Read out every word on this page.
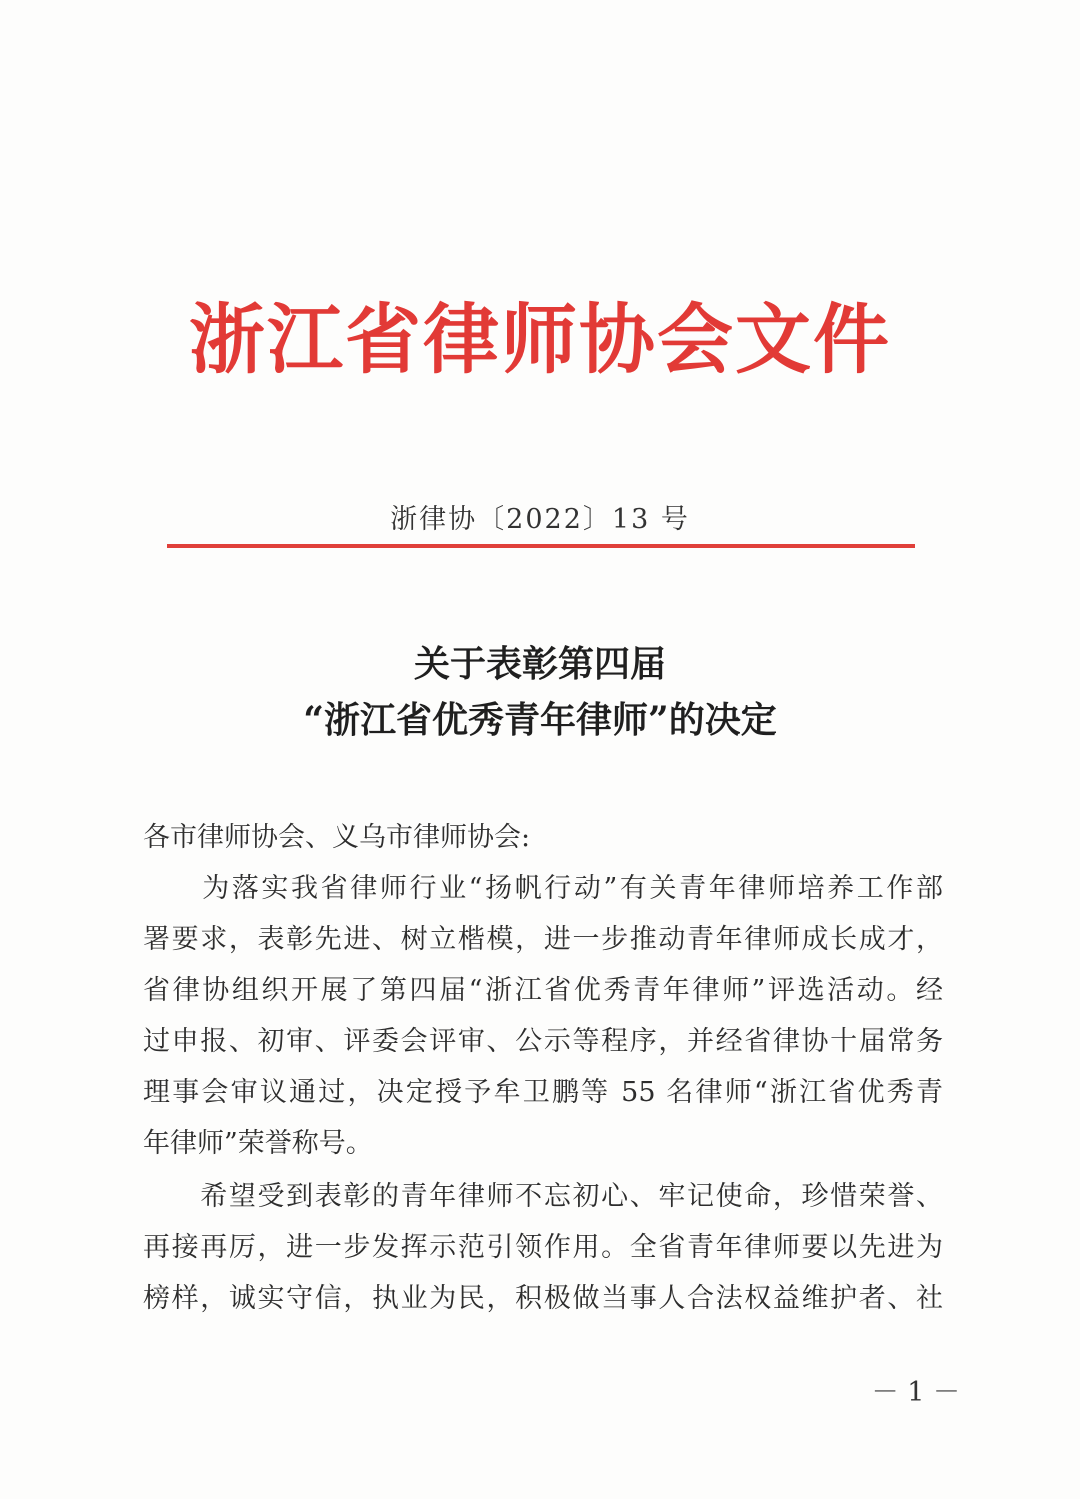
浙江省律师协会文件
浙律协〔2022〕13 号
关于表彰第四届
“浙江省优秀青年律师”的决定
各市律师协会、义乌市律师协会:
　　为落实我省律师行业“扬帆行动”有关青年律师培养工作部
署要求，表彰先进、树立楷模，进一步推动青年律师成长成才，
省律协组织开展了第四届“浙江省优秀青年律师”评选活动。经
过申报、初审、评委会评审、公示等程序，并经省律协十届常务
理事会审议通过，决定授予牟卫鹏等 55 名律师“浙江省优秀青
年律师”荣誉称号。
　　希望受到表彰的青年律师不忘初心、牢记使命，珍惜荣誉、
再接再厉，进一步发挥示范引领作用。全省青年律师要以先进为
榜样，诚实守信，执业为民，积极做当事人合法权益维护者、社
－ 1 －
